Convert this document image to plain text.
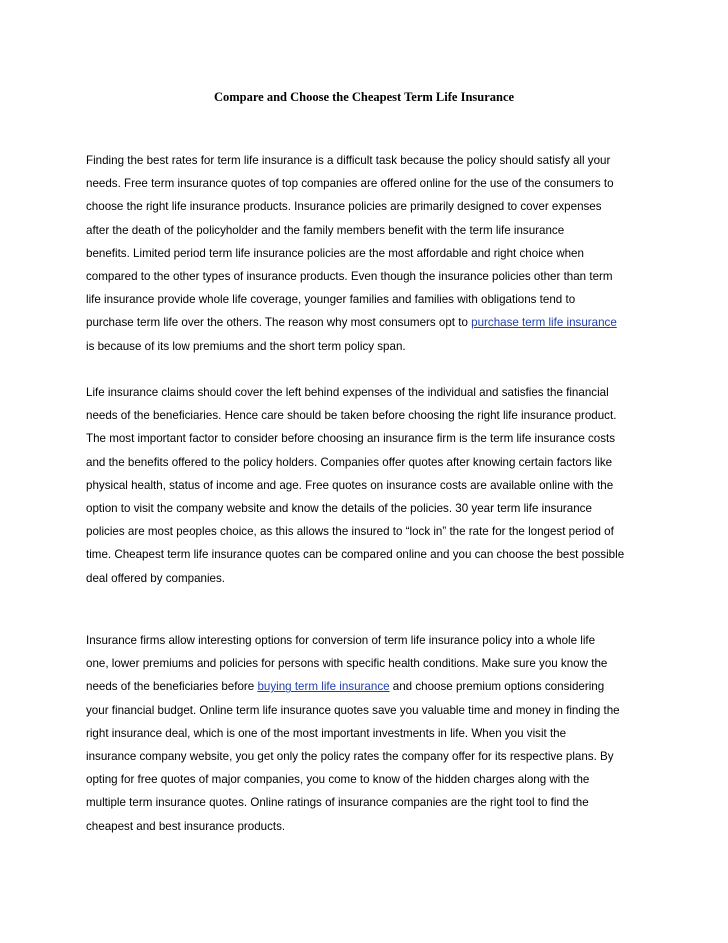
Compare and Choose the Cheapest Term Life Insurance
Finding the best rates for term life insurance is a difficult task because the policy should satisfy all your
needs. Free term insurance quotes of top companies are offered online for the use of the consumers to
choose the right life insurance products. Insurance policies are primarily designed to cover expenses
after the death of the policyholder and the family members benefit with the term life insurance
benefits. Limited period term life insurance policies are the most affordable and right choice when
compared to the other types of insurance products. Even though the insurance policies other than term
life insurance provide whole life coverage, younger families and families with obligations tend to
purchase term life over the others. The reason why most consumers opt to purchase term life insurance
is because of its low premiums and the short term policy span.
Life insurance claims should cover the left behind expenses of the individual and satisfies the financial
needs of the beneficiaries. Hence care should be taken before choosing the right life insurance product.
The most important factor to consider before choosing an insurance firm is the term life insurance costs
and the benefits offered to the policy holders. Companies offer quotes after knowing certain factors like
physical health, status of income and age. Free quotes on insurance costs are available online with the
option to visit the company website and know the details of the policies. 30 year term life insurance
policies are most peoples choice, as this allows the insured to “lock in” the rate for the longest period of
time. Cheapest term life insurance quotes can be compared online and you can choose the best possible
deal offered by companies.
Insurance firms allow interesting options for conversion of term life insurance policy into a whole life
one, lower premiums and policies for persons with specific health conditions. Make sure you know the
needs of the beneficiaries before buying term life insurance and choose premium options considering
your financial budget. Online term life insurance quotes save you valuable time and money in finding the
right insurance deal, which is one of the most important investments in life. When you visit the
insurance company website, you get only the policy rates the company offer for its respective plans. By
opting for free quotes of major companies, you come to know of the hidden charges along with the
multiple term insurance quotes. Online ratings of insurance companies are the right tool to find the
cheapest and best insurance products.
